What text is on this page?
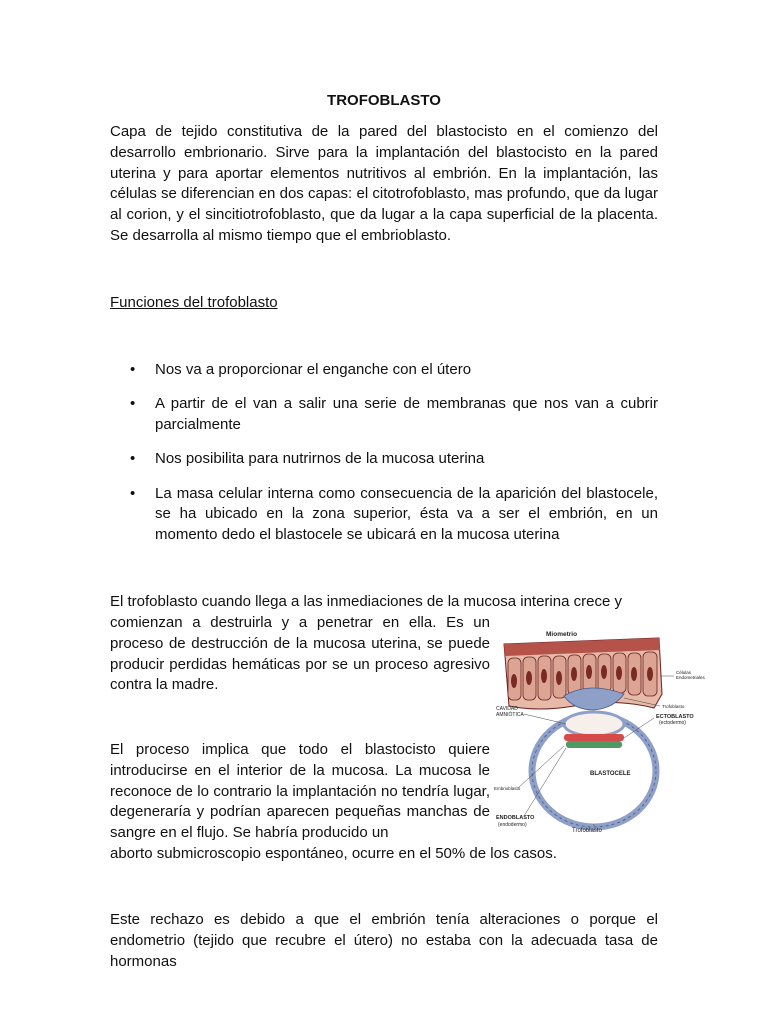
TROFOBLASTO

Capa de tejido constitutiva de la pared del blastocisto en el comienzo del desarrollo embrionario. Sirve para la implantación del blastocisto en la pared uterina y para aportar elementos nutritivos al embrión. En la implantación, las células se diferencian en dos capas: el citotrofoblasto, mas profundo, que da lugar al corion, y el sincitiotrofoblasto, que da lugar a la capa superficial de la placenta. Se desarrolla al mismo tiempo que el embrioblasto.

Funciones del trofoblasto
• Nos va a proporcionar el enganche con el útero
• A partir de el van a salir una serie de membranas que nos van a cubrir parcialmente
• Nos posibilita para nutrirnos de la mucosa uterina
• La masa celular interna como consecuencia de la aparición del blastocele, se ha ubicado en la zona superior, ésta va a ser el embrión, en un momento dedo el blastocele se ubicará en la mucosa uterina

El trofoblasto cuando llega a las inmediaciones de la mucosa interina crece y

comienzan a destruirla y a penetrar en ella. Es un proceso de destrucción de la mucosa uterina, se puede producir perdidas hemáticas por se un proceso agresivo contra la madre.

El proceso implica que todo el blastocisto quiere introducirse en el interior de la mucosa. La mucosa le reconoce de lo contrario la implantación no tendría lugar, degeneraría y podrían aparecen pequeñas manchas de sangre en el flujo. Se habría producido un

aborto submicroscopio espontáneo, ocurre en el 50% de los casos.

Este rechazo es debido a que el embrión tenía alteraciones o porque el endometrio (tejido que recubre el útero) no estaba con la adecuada tasa de hormonas

Miometrio
Células
Endometriales
Trofoblasto
CAVIDAD
AMNIÓTICA	ECTOBLASTO
(ectodermo)
Embrioblasto
BLASTOCELE
ENDOBLASTO
(endodermo)
Trofoblasto
